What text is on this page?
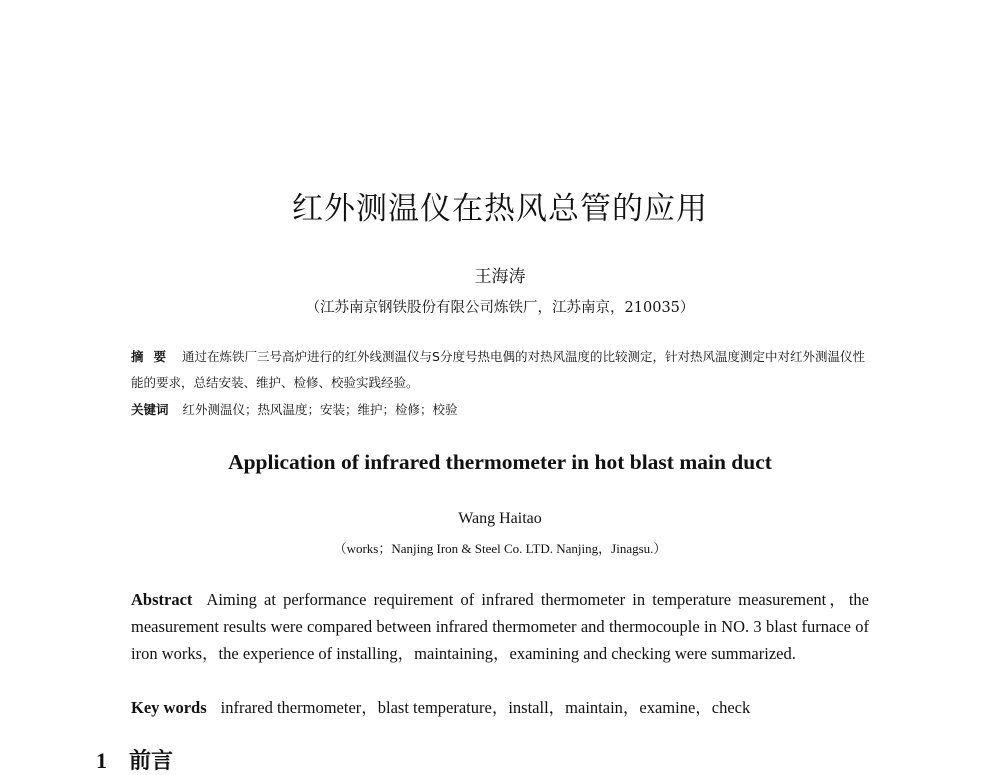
红外测温仪在热风总管的应用
王海涛
（江苏南京钢铁股份有限公司炼铁厂，江苏南京，210035）
摘要 通过在炼铁厂三号高炉进行的红外线测温仪与S分度号热电偶的对热风温度的比较测定，针对热风温度测定中对红外测温仪性能的要求，总结安装、维护、检修、校验实践经验。
关键词 红外测温仪；热风温度；安装；维护；检修；校验
Application of infrared thermometer in hot blast main duct
Wang Haitao
（works；Nanjing Iron & Steel Co. LTD. Nanjing，Jinagsu.）
Abstract Aiming at performance requirement of infrared thermometer in temperature measurement，the measurement results were compared between infrared thermometer and thermocouple in NO. 3 blast furnace of iron works，the experience of installing，maintaining，examining and checking were summarized.
Key words infrared thermometer，blast temperature，install，maintain，examine，check
1 前言
